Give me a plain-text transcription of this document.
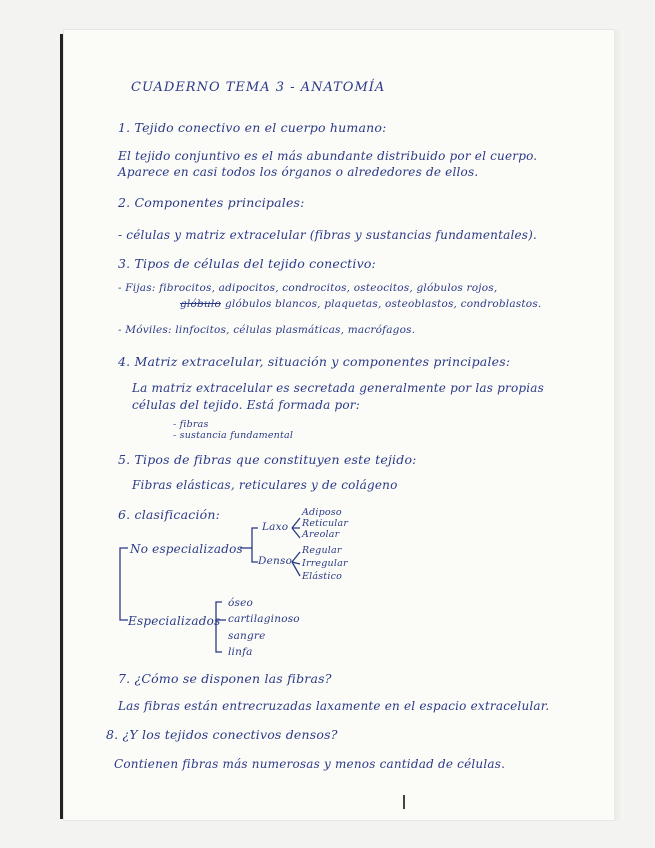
CUADERNO TEMA 3 - ANATOMÍA
1. Tejido conectivo en el cuerpo humano:
El tejido conjuntivo es el más abundante distribuido por el cuerpo.
Aparece en casi todos los órganos o alrededores de ellos.
2. Componentes principales:
- células y matriz extracelular (fibras y sustancias fundamentales).
3. Tipos de células del tejido conectivo:
- Fijas: fibrocitos, adipocitos, condrocitos, osteocitos, glóbulos rojos,
glóbulo glóbulos blancos, plaquetas, osteoblastos, condroblastos.
- Móviles: linfocitos, células plasmáticas, macrófagos.
4. Matriz extracelular, situación y componentes principales:
La matriz extracelular es secretada generalmente por las propias
células del tejido. Está formada por:
- fibras
- sustancia fundamental
5. Tipos de fibras que constituyen este tejido:
Fibras elásticas, reticulares y de colágeno
6. clasificación:
No especializados
Laxo
Adiposo
Reticular
Areolar
Denso
Regular
Irregular
Elástico
Especializados
óseo
cartilaginoso
sangre
linfa
7. ¿Cómo se disponen las fibras?
Las fibras están entrecruzadas laxamente en el espacio extracelular.
8. ¿Y los tejidos conectivos densos?
Contienen fibras más numerosas y menos cantidad de células.
